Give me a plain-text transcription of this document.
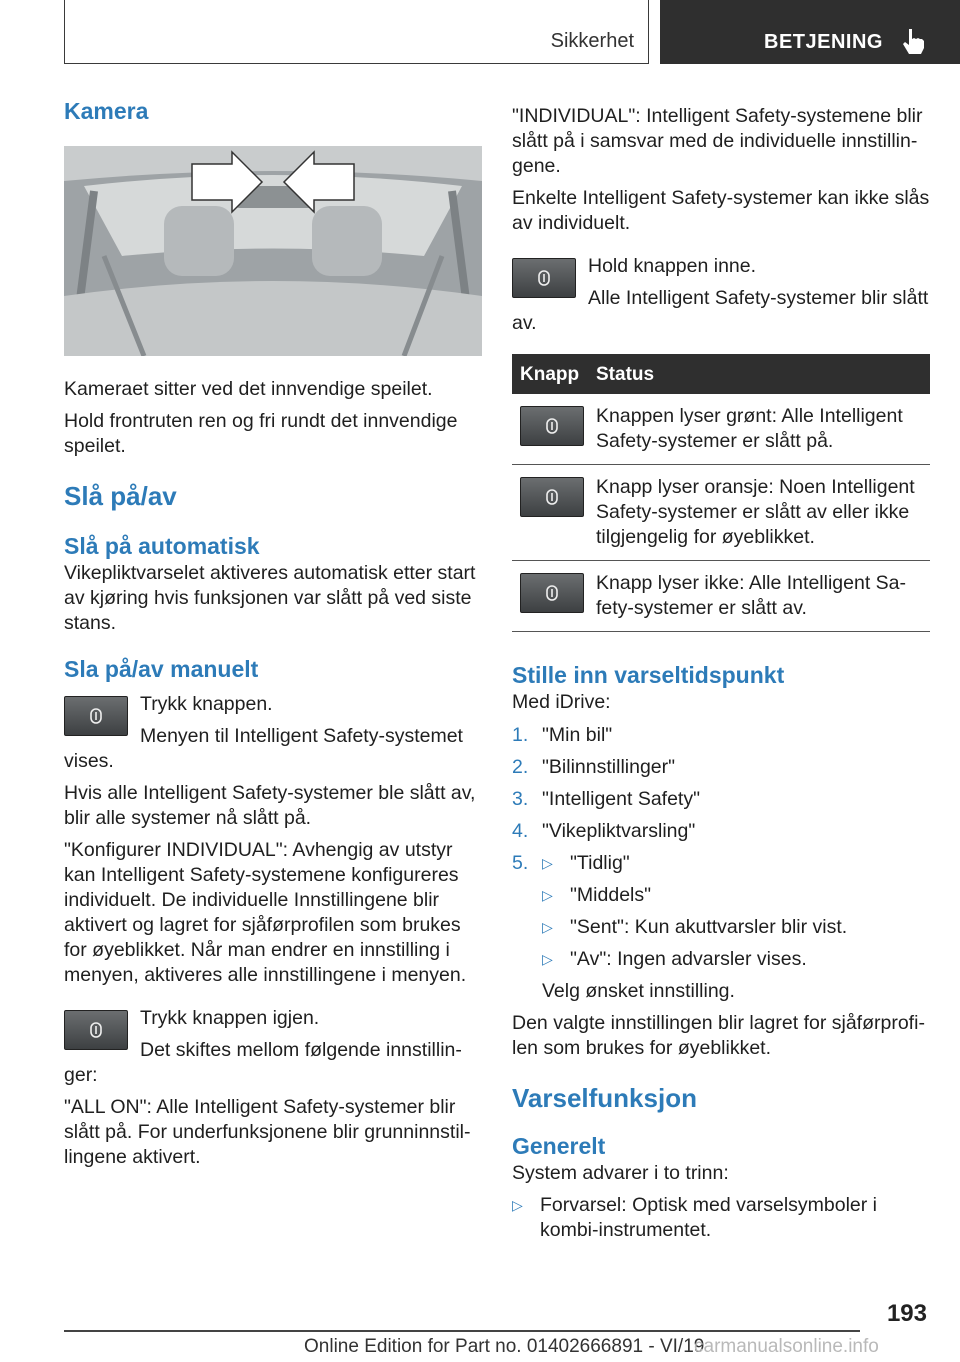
Sikkerhet	BETJENING
Kamera

Kameraet sitter ved det innvendige speilet.

Hold frontruten ren og fri rundt det innvendige speilet.

Slå på/av
Slå på automatisk

Vikepliktvarselet aktiveres automatisk etter start av kjøring hvis funksjonen var slått på ved siste stans.

Sla på/av manuelt

Trykk knappen.

Menyen til Intelligent Safety-systemet vises.

Hvis alle Intelligent Safety-systemer ble slått av, blir alle systemer nå slått på.

"Konfigurer INDIVIDUAL": Avhengig av utstyr kan Intelligent Safety-systemene konfigureres individuelt. De individuelle Innstillingene blir aktivert og lagret for sjåførprofilen som brukes for øyeblikket. Når man endrer en innstilling i menyen, aktiveres alle innstillingene i menyen.

Trykk knappen igjen.

Det skiftes mellom følgende innstillinger:

"ALL ON": Alle Intelligent Safety-systemer blir slått på. For underfunksjonene blir grunninnstillingene aktivert.

"INDIVIDUAL": Intelligent Safety-systemene blir slått på i samsvar med de individuelle innstillingene.

Enkelte Intelligent Safety-systemer kan ikke slås av individuelt.

Hold knappen inne.

Alle Intelligent Safety-systemer blir slått av.

Knapp	Status

	Knappen lyser grønt: Alle Intelligent Safety-systemer er slått på.

	Knapp lyser oransje: Noen Intelligent Safety-systemer er slått av eller ikke tilgjengelig for øyeblikket.

	Knapp lyser ikke: Alle Intelligent Safety-systemer er slått av.
Stille inn varseltidspunkt

Med iDrive:

1. "Min bil"
2. "Bilinnstillinger"
3. "Intelligent Safety"
4. "Vikepliktvarsling"
5. ▷ "Tidlig"
▷ "Middels"
▷ "Sent": Kun akuttvarsler blir vist.
▷ "Av": Ingen advarsler vises.
Velg ønsket innstilling.

Den valgte innstillingen blir lagret for sjåførprofilen som brukes for øyeblikket.

Varselfunksjon
Generelt

System advarer i to trinn:

▷ Forvarsel: Optisk med varselsymboler i kombi-instrumentet.
193
Online Edition for Part no. 01402666891 - VI/19
carmanualsonline.info
